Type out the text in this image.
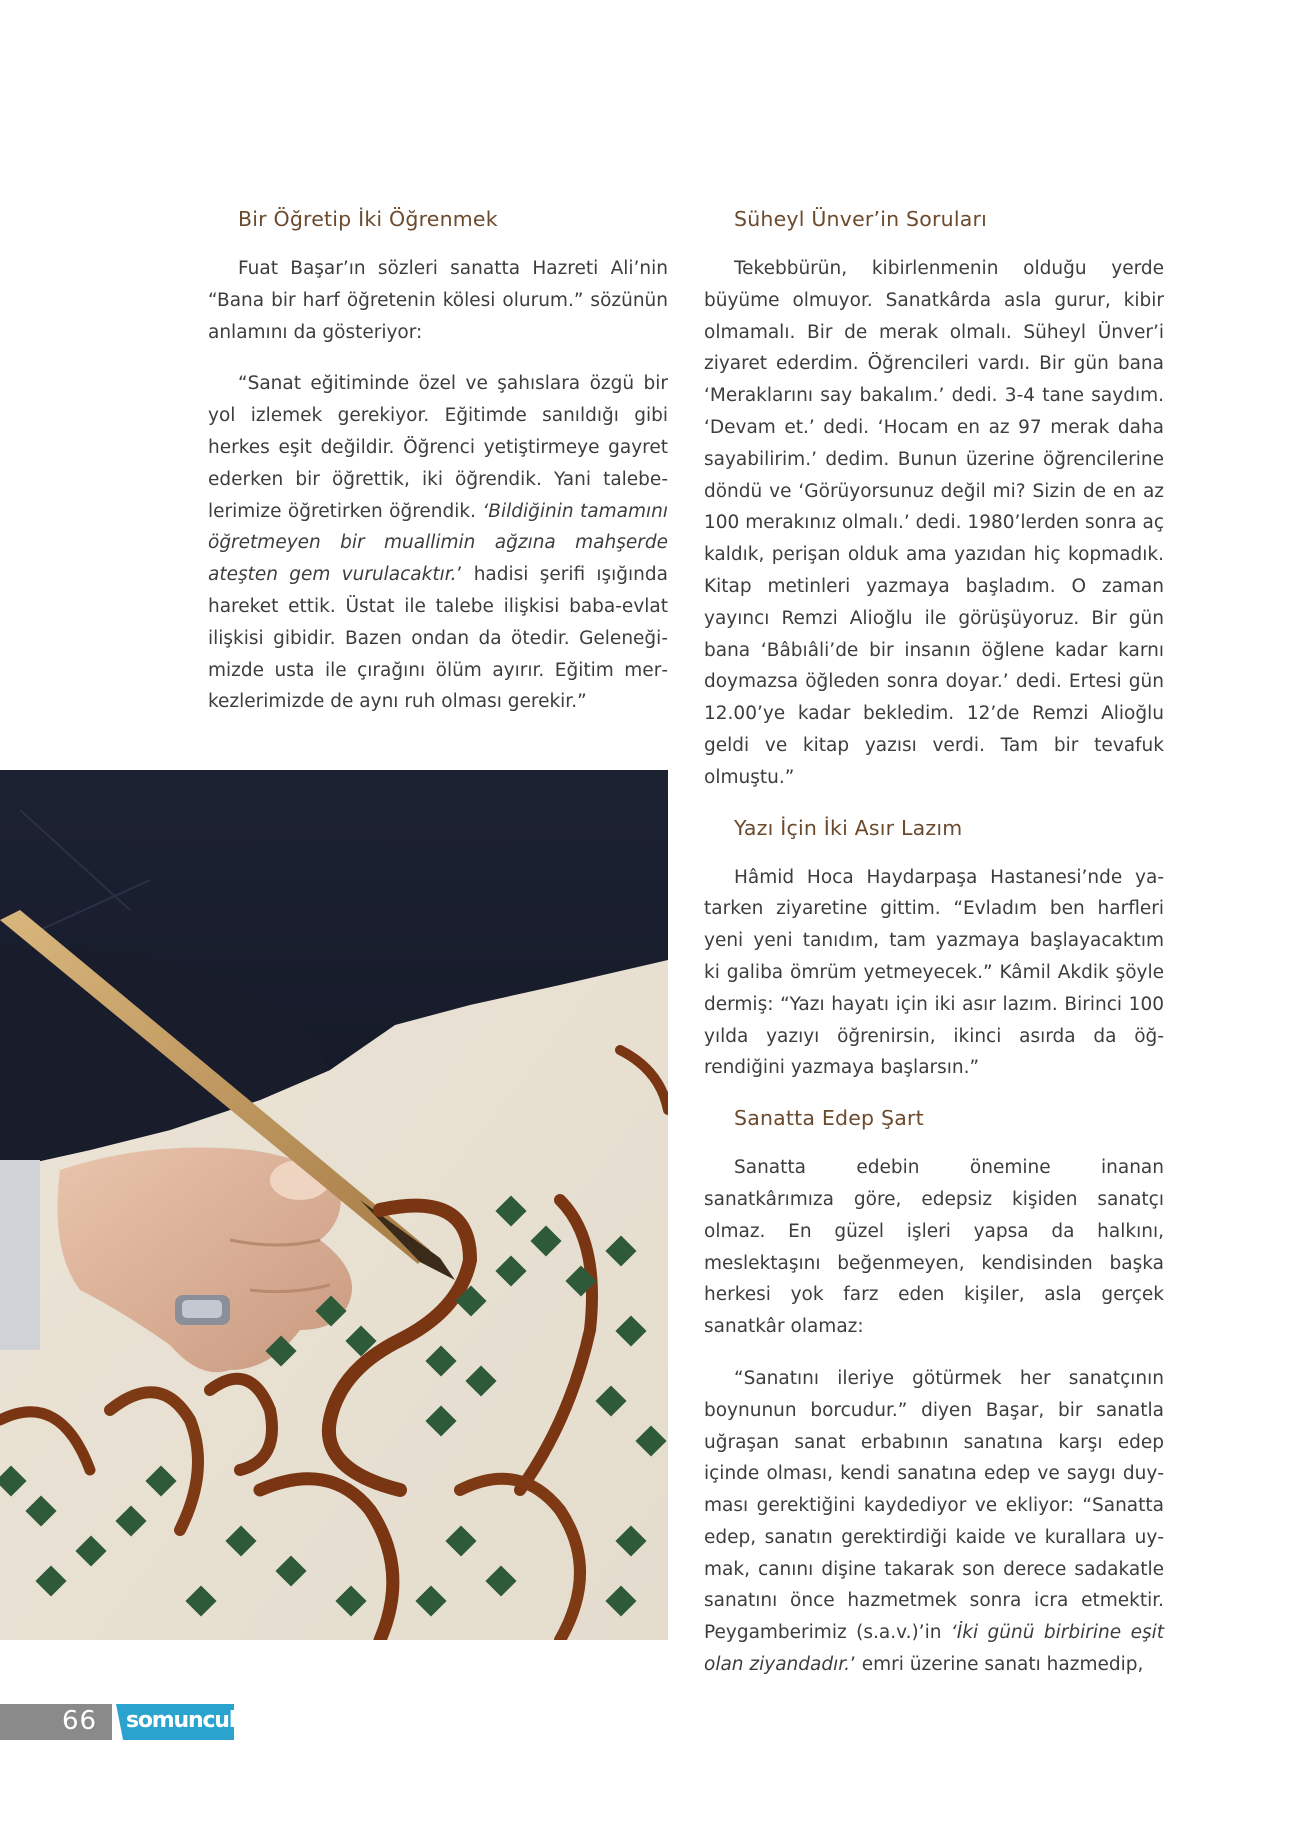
Bir Öğretip İki Öğrenmek

Fuat Başar’ın sözleri sanatta Hazreti Ali’nin “Bana bir harf öğretenin kölesi olurum.” sözünün anlamını da gösteriyor:

“Sanat eğitiminde özel ve şahıslara özgü bir yol izlemek gerekiyor. Eğitimde sanıldığı gibi herkes eşit değildir. Öğrenci yetiştirmeye gayret ederken bir öğrettik, iki öğrendik. Yani talebelerimize öğretirken öğrendik. ‘Bildiğinin tamamını öğretmeyen bir muallimin ağzına mahşerde ateşten gem vurulacaktır.’ hadisi şerifi ışığında hareket ettik. Üstat ile talebe ilişkisi baba-evlat ilişkisi gibidir. Bazen ondan da ötedir. Geleneğimizde usta ile çırağını ölüm ayırır. Eğitim merkezlerimizde de aynı ruh olması gerekir.”

Süheyl Ünver’in Soruları

Tekebbürün, kibirlenmenin olduğu yerde büyüme olmuyor. Sanatkârda asla gurur, kibir olmamalı. Bir de merak olmalı. Süheyl Ünver’i ziyaret ederdim. Öğrencileri vardı. Bir gün bana ‘Meraklarını say bakalım.’ dedi. 3-4 tane saydım. ‘Devam et.’ dedi. ‘Hocam en az 97 merak daha sayabilirim.’ dedim. Bunun üzerine öğrencilerine döndü ve ‘Görüyorsunuz değil mi? Sizin de en az 100 merakınız olmalı.’ dedi. 1980’lerden sonra aç kaldık, perişan olduk ama yazıdan hiç kopmadık. Kitap metinleri yazmaya başladım. O zaman yayıncı Remzi Alioğlu ile görüşüyoruz. Bir gün bana ‘Bâbıâli’de bir insanın öğlene kadar karnı doymazsa öğleden sonra doyar.’ dedi. Ertesi gün 12.00’ye kadar bekledim. 12’de Remzi Alioğlu geldi ve kitap yazısı verdi. Tam bir tevafuk olmuştu.”

Yazı İçin İki Asır Lazım

Hâmid Hoca Haydarpaşa Hastanesi’nde yatarken ziyaretine gittim. “Evladım ben harfleri yeni yeni tanıdım, tam yazmaya başlayacaktım ki galiba ömrüm yetmeyecek.” Kâmil Akdik şöyle dermiş: “Yazı hayatı için iki asır lazım. Birinci 100 yılda yazıyı öğrenirsin, ikinci asırda da öğrendiğini yazmaya başlarsın.”

Sanatta Edep Şart

Sanatta edebin önemine inanan sanatkârımıza göre, edepsiz kişiden sanatçı olmaz. En güzel işleri yapsa da halkını, meslektaşını beğenmeyen, kendisinden başka herkesi yok farz eden kişiler, asla gerçek sanatkâr olamaz:

“Sanatını ileriye götürmek her sanatçının boynunun borcudur.” diyen Başar, bir sanatla uğraşan sanat erbabının sanatına karşı edep içinde olması, kendi sanatına edep ve saygı duyması gerektiğini kaydediyor ve ekliyor: “Sanatta edep, sanatın gerektirdiği kaide ve kurallara uymak, canını dişine takarak son derece sadakatle sanatını önce hazmetmek sonra icra etmektir. Peygamberimiz (s.a.v.)’in ‘İki günü birbirine eşit olan ziyandadır.’ emri üzerine sanatı hazmedip,

66 somuncubaba
